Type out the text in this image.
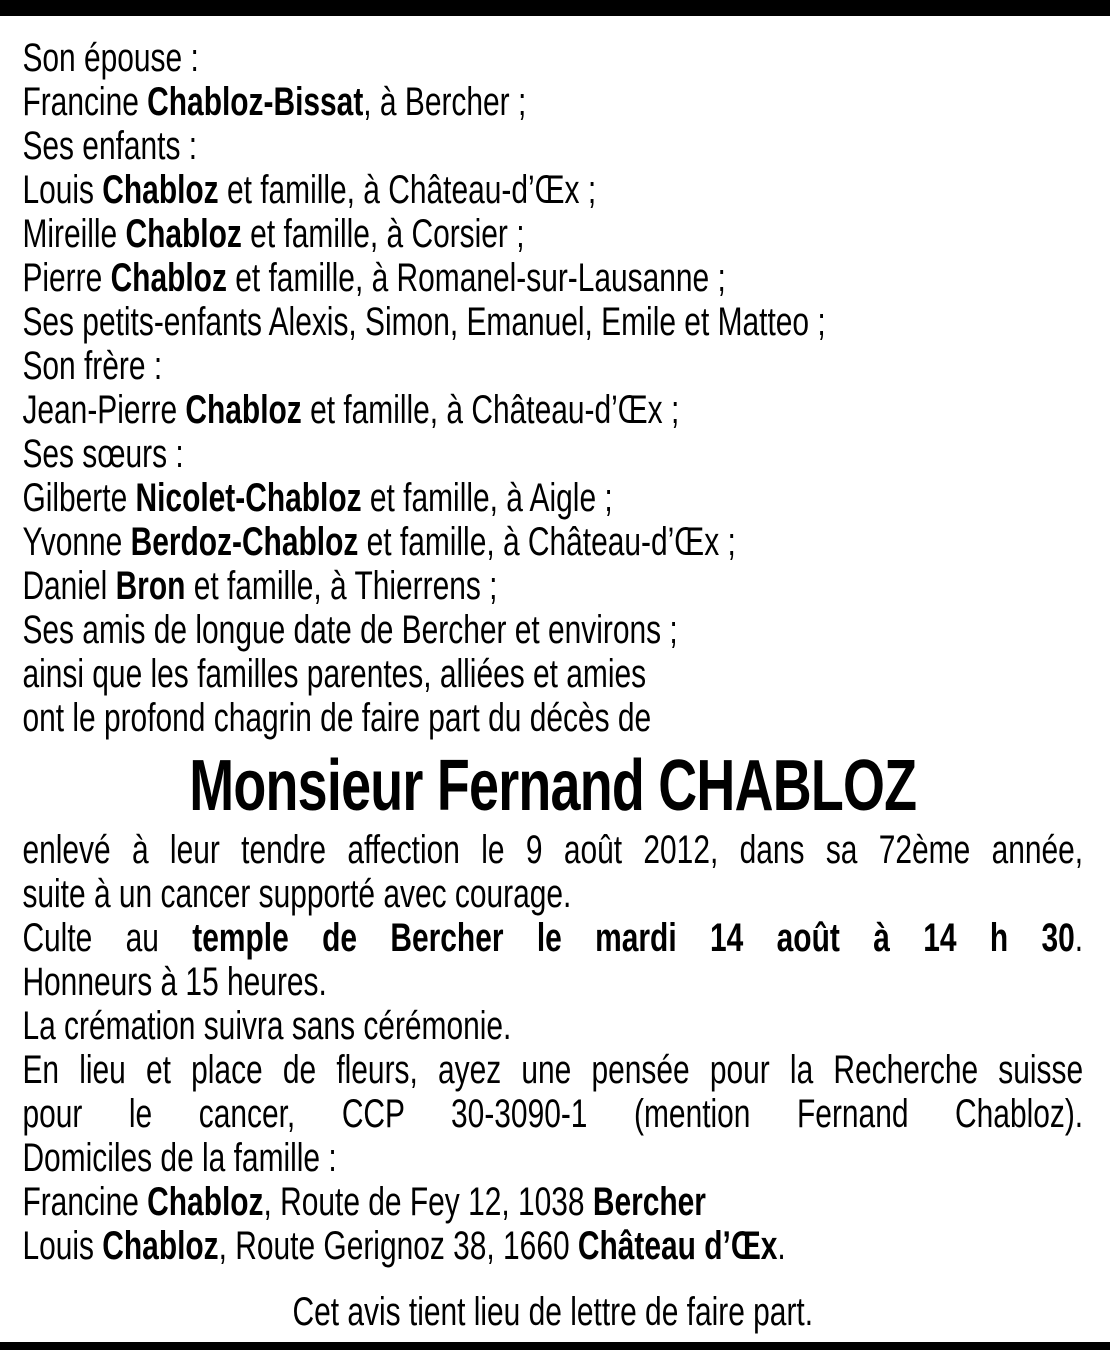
Son épouse :
Francine Chabloz-Bissat, à Bercher ;
Ses enfants :
Louis Chabloz et famille, à Château-d’Œx ;
Mireille Chabloz et famille, à Corsier ;
Pierre Chabloz et famille, à Romanel-sur-Lausanne ;
Ses petits-enfants Alexis, Simon, Emanuel, Emile et Matteo ;
Son frère :
Jean-Pierre Chabloz et famille, à Château-d’Œx ;
Ses sœurs :
Gilberte Nicolet-Chabloz et famille, à Aigle ;
Yvonne Berdoz-Chabloz et famille, à Château-d’Œx ;
Daniel Bron et famille, à Thierrens ;
Ses amis de longue date de Bercher et environs ;
ainsi que les familles parentes, alliées et amies
ont le profond chagrin de faire part du décès de
Monsieur Fernand CHABLOZ
enlevé à leur tendre affection le 9 août 2012, dans sa 72ème année,
suite à un cancer supporté avec courage.
Culte au temple de Bercher le mardi 14 août à 14 h 30.
Honneurs à 15 heures.
La crémation suivra sans cérémonie.
En lieu et place de fleurs, ayez une pensée pour la Recherche suisse
pour le cancer, CCP 30-3090-1 (mention Fernand Chabloz).
Domiciles de la famille :
Francine Chabloz, Route de Fey 12, 1038 Bercher
Louis Chabloz, Route Gerignoz 38, 1660 Château d’Œx.
Cet avis tient lieu de lettre de faire part.
